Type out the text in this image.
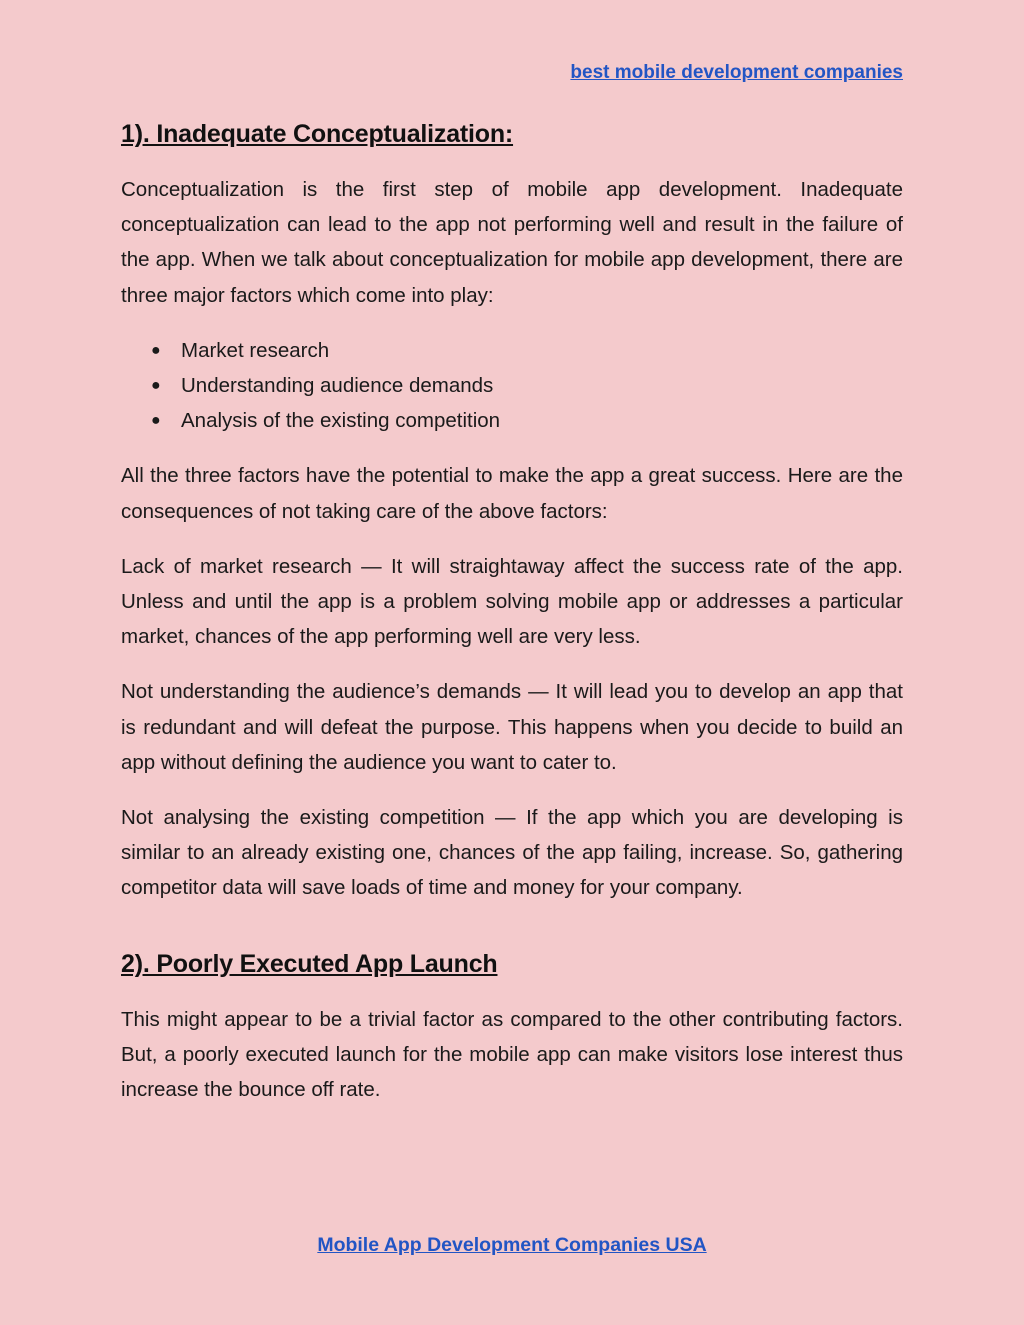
best mobile development companies
1). Inadequate Conceptualization:

Conceptualization is the first step of mobile app development. Inadequate conceptualization can lead to the app not performing well and result in the failure of the app. When we talk about conceptualization for mobile app development, there are three major factors which come into play:

● Market research
● Understanding audience demands
● Analysis of the existing competition

All the three factors have the potential to make the app a great success. Here are the consequences of not taking care of the above factors:

Lack of market research — It will straightaway affect the success rate of the app. Unless and until the app is a problem solving mobile app or addresses a particular market, chances of the app performing well are very less.

Not understanding the audience’s demands — It will lead you to develop an app that is redundant and will defeat the purpose. This happens when you decide to build an app without defining the audience you want to cater to.

Not analysing the existing competition — If the app which you are developing is similar to an already existing one, chances of the app failing, increase. So, gathering competitor data will save loads of time and money for your company.

2). Poorly Executed App Launch

This might appear to be a trivial factor as compared to the other contributing factors. But, a poorly executed launch for the mobile app can make visitors lose interest thus increase the bounce off rate.

Mobile App Development Companies USA
